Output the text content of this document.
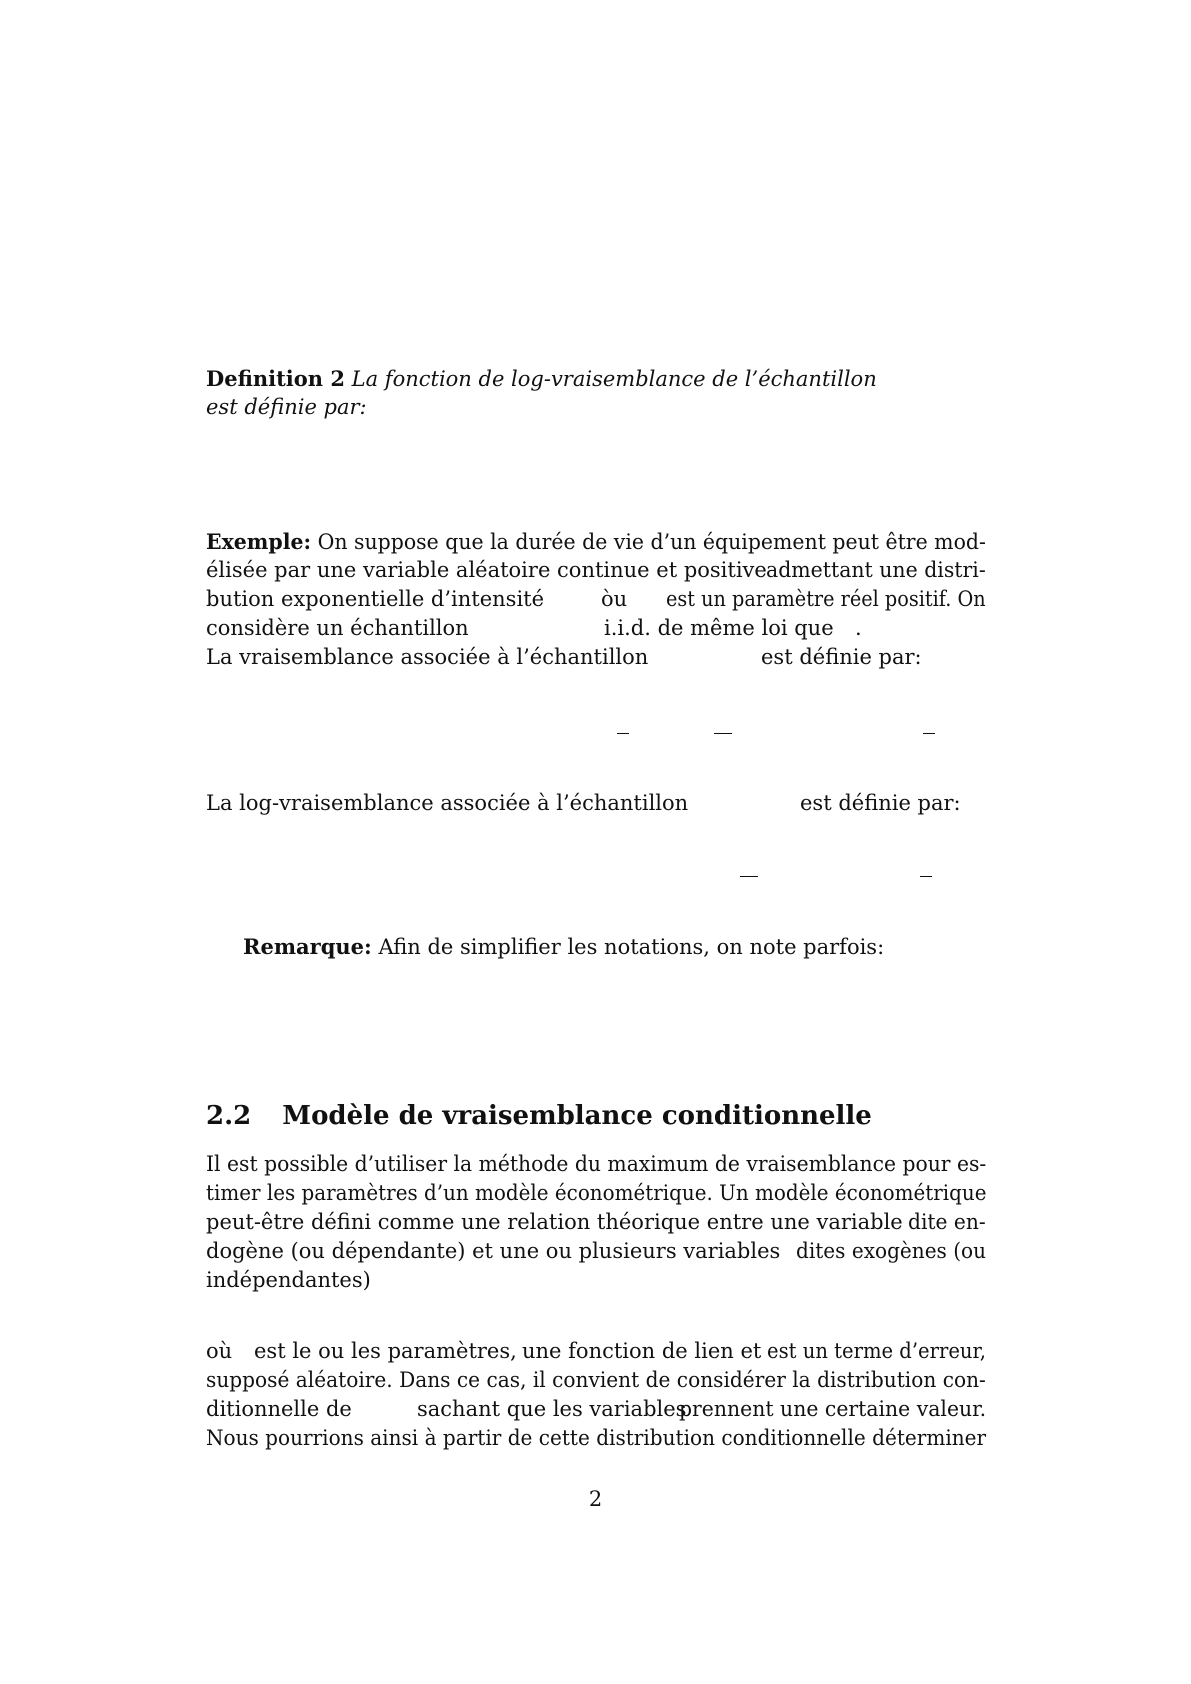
Definition 2 La fonction de log-vraisemblance de l’échantillon
est définie par:
Exemple: On suppose que la durée de vie d’un équipement peut être mod-
élisée par une variable aléatoire continue et positive admettant une distri-
bution exponentielle d’intensité	òu est un paramètre réel positif. On
considère un échantillon	i.i.d. de même loi que .
La vraisemblance associée à l’échantillon	est définie par:
La log-vraisemblance associée à l’échantillon	est définie par:
Remarque: Afin de simplifier les notations, on note parfois:
2.2 Modèle de vraisemblance conditionnelle
Il est possible d’utiliser la méthode du maximum de vraisemblance pour es-
timer les paramètres d’un modèle économétrique. Un modèle économétrique
peut-être défini comme une relation théorique entre une variable dite en-
dogène (ou dépendante) et une ou plusieurs variables dites exogènes (ou
indépendantes)
où est le ou les paramètres, une fonction de lien et est un terme d’erreur,
supposé aléatoire. Dans ce cas, il convient de considérer la distribution con-
ditionnelle de	sachant que les variables
prennent une certaine valeur.
Nous pourrions ainsi à partir de cette distribution conditionnelle déterminer
2
